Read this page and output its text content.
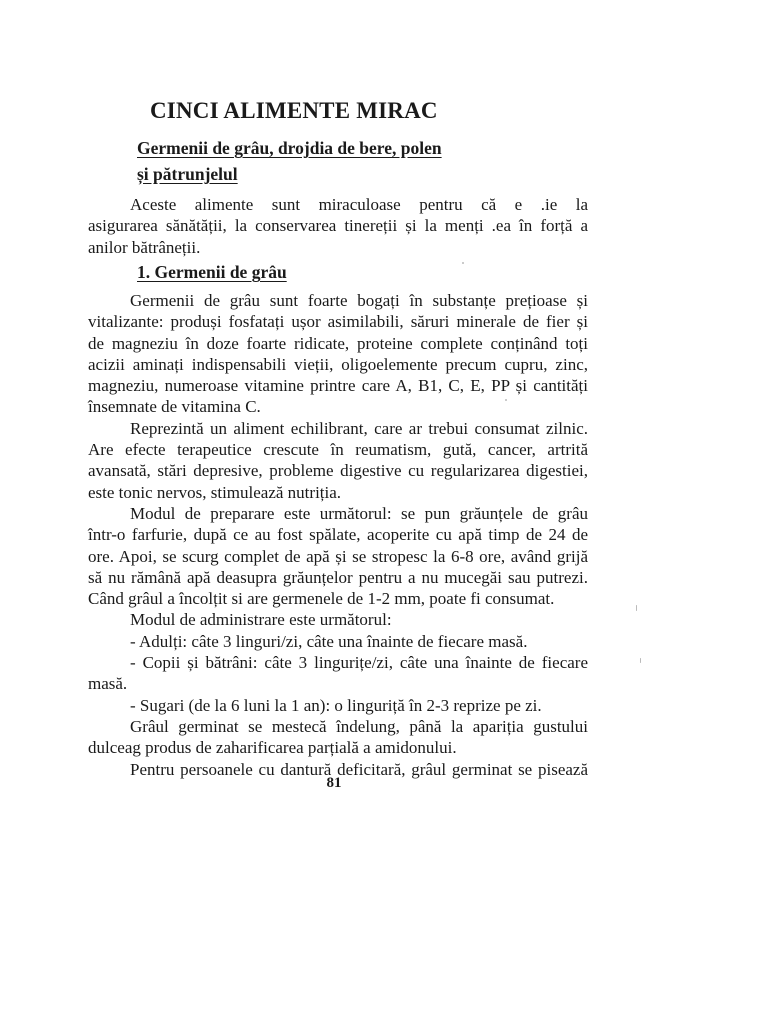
CINCI ALIMENTE MIRAC
Germenii de grâu, drojdia de bere, polen
și pătrunjelul
Aceste alimente sunt miraculoase pentru că e .ie la
asigurarea sănătății, la conservarea tinereții și la menți .ea în forță a
anilor bătrâneții.
1. Germenii de grâu
Germenii de grâu sunt foarte bogați în substanțe prețioase și
vitalizante: produși fosfatați ușor asimilabili, săruri minerale de fier și
de magneziu în doze foarte ridicate, proteine complete conținând toți
acizii aminați indispensabili vieții, oligoelemente precum cupru, zinc,
magneziu, numeroase vitamine printre care A, B1, C, E, PP și cantități
însemnate de vitamina C.
Reprezintă un aliment echilibrant, care ar trebui consumat zilnic.
Are efecte terapeutice crescute în reumatism, gută, cancer, artrită
avansată, stări depresive, probleme digestive cu regularizarea digestiei,
este tonic nervos, stimulează nutriția.
Modul de preparare este următorul: se pun grăunțele de grâu
într-o farfurie, după ce au fost spălate, acoperite cu apă timp de 24 de
ore. Apoi, se scurg complet de apă și se stropesc la 6-8 ore, având grijă
să nu rămână apă deasupra grăunțelor pentru a nu mucegăi sau putrezi.
Când grâul a încolțit si are germenele de 1-2 mm, poate fi consumat.
Modul de administrare este următorul:
- Adulți: câte 3 linguri/zi, câte una înainte de fiecare masă.
- Copii și bătrâni: câte 3 lingurițe/zi, câte una înainte de fiecare
masă.
- Sugari (de la 6 luni la 1 an): o linguriță în 2-3 reprize pe zi.
Grâul germinat se mestecă îndelung, până la apariția gustului
dulceag produs de zaharificarea parțială a amidonului.
Pentru persoanele cu dantură deficitară, grâul germinat se pisează
81
